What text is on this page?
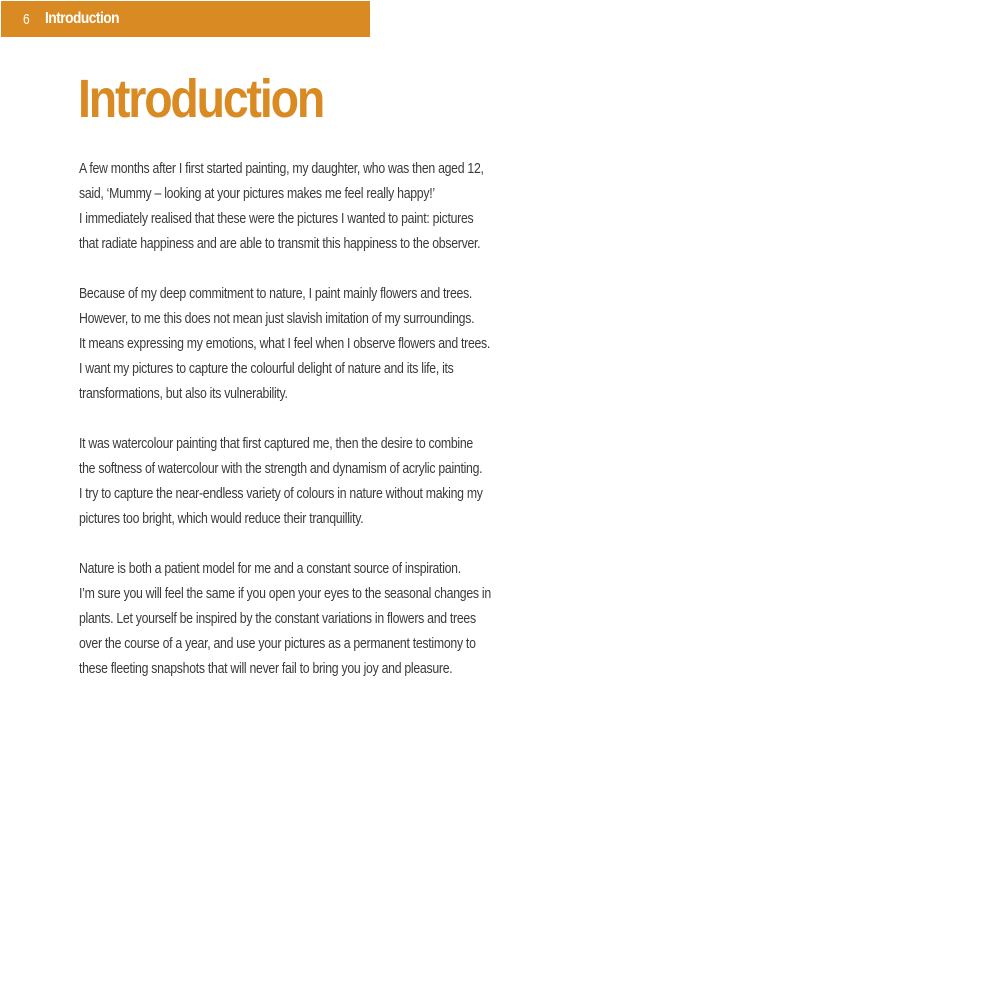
6 Introduction
Introduction

A few months after I first started painting, my daughter, who was then aged 12,
said, ‘Mummy – looking at your pictures makes me feel really happy!’
I immediately realised that these were the pictures I wanted to paint: pictures
that radiate happiness and are able to transmit this happiness to the observer.

Because of my deep commitment to nature, I paint mainly flowers and trees.
However, to me this does not mean just slavish imitation of my surroundings.
It means expressing my emotions, what I feel when I observe flowers and trees.
I want my pictures to capture the colourful delight of nature and its life, its
transformations, but also its vulnerability.

It was watercolour painting that first captured me, then the desire to combine
the softness of watercolour with the strength and dynamism of acrylic painting.
I try to capture the near-endless variety of colours in nature without making my
pictures too bright, which would reduce their tranquillity.

Nature is both a patient model for me and a constant source of inspiration.
I’m sure you will feel the same if you open your eyes to the seasonal changes in
plants. Let yourself be inspired by the constant variations in flowers and trees
over the course of a year, and use your pictures as a permanent testimony to
these fleeting snapshots that will never fail to bring you joy and pleasure.
